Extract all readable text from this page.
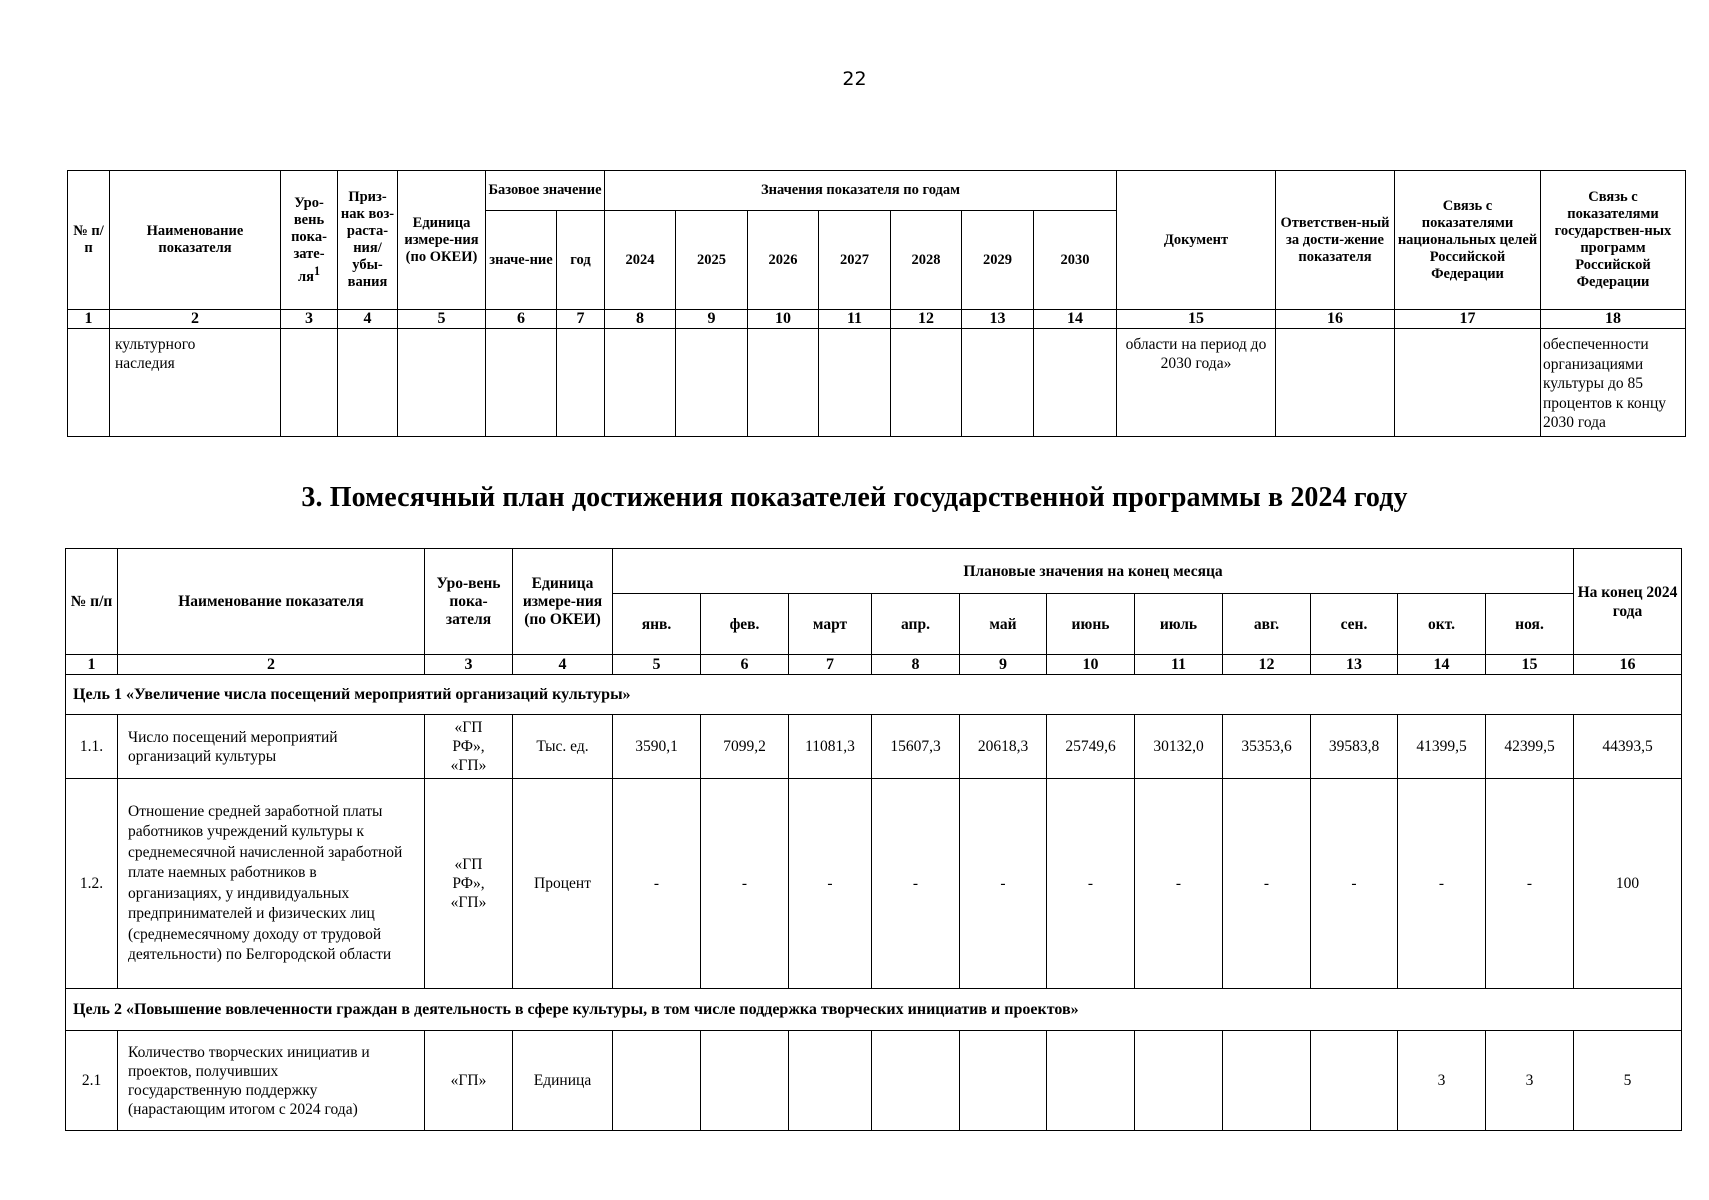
22
№ п/п	Наименование показателя	Уро-вень пока-$зате-ля^1$	Приз-нак воз-раста-ния/ убы-вания	Единица измере-ния (по ОКЕИ)	Базовое значение		Значения показателя по годам							Документ	Ответствен-ный за дости-жение показателя	Связь с показателями национальных целей Российской Федерации	Связь с показателями государствен-ных программ Российской Федерации
					значе-ние	год	2024	2025	2026	2027	2028	2029	2030				
1	2	3	4	5	6	7	8	9	10	11	12	13	14	15	16	17	18
	культурного наследия													области на период до 2030 года»			обеспеченности организациями культуры до 85 процентов к концу 2030 года
3. Помесячный план достижения показателей государственной программы в 2024 году
№ п/п	Наименование показателя	Уро-вень пока-зателя	Единица измере-ния (по ОКЕИ)	Плановые значения на конец месяца											На конец 2024 года
				янв.	фев.	март	апр.	май	июнь	июль	авг.	сен.	окт.	ноя.	
1	2	3	4	5	6	7	8	9	10	11	12	13	14	15	16
Цель 1 «Увеличение числа посещений мероприятий организаций культуры»															
1.1.	Число посещений мероприятий организаций культуры	«ГП РФ», «ГП»	Тыс. ед.	3590,1	7099,2	11081,3	15607,3	20618,3	25749,6	30132,0	35353,6	39583,8	41399,5	42399,5	44393,5
1.2.	Отношение средней заработной платы работников учреждений культуры к среднемесячной начисленной заработной плате наемных работников в организациях, у индивидуальных предпринимателей и физических лиц (среднемесячному доходу от трудовой деятельности) по Белгородской области	«ГП РФ», «ГП»	Процент	-	-	-	-	-	-	-	-	-	-	-	100
Цель 2 «Повышение вовлеченности граждан в деятельность в сфере культуры, в том числе поддержка творческих инициатив и проектов»															
2.1	Количество творческих инициатив и проектов, получивших государственную поддержку (нарастающим итогом с 2024 года)	«ГП»	Единица										3	3	5
